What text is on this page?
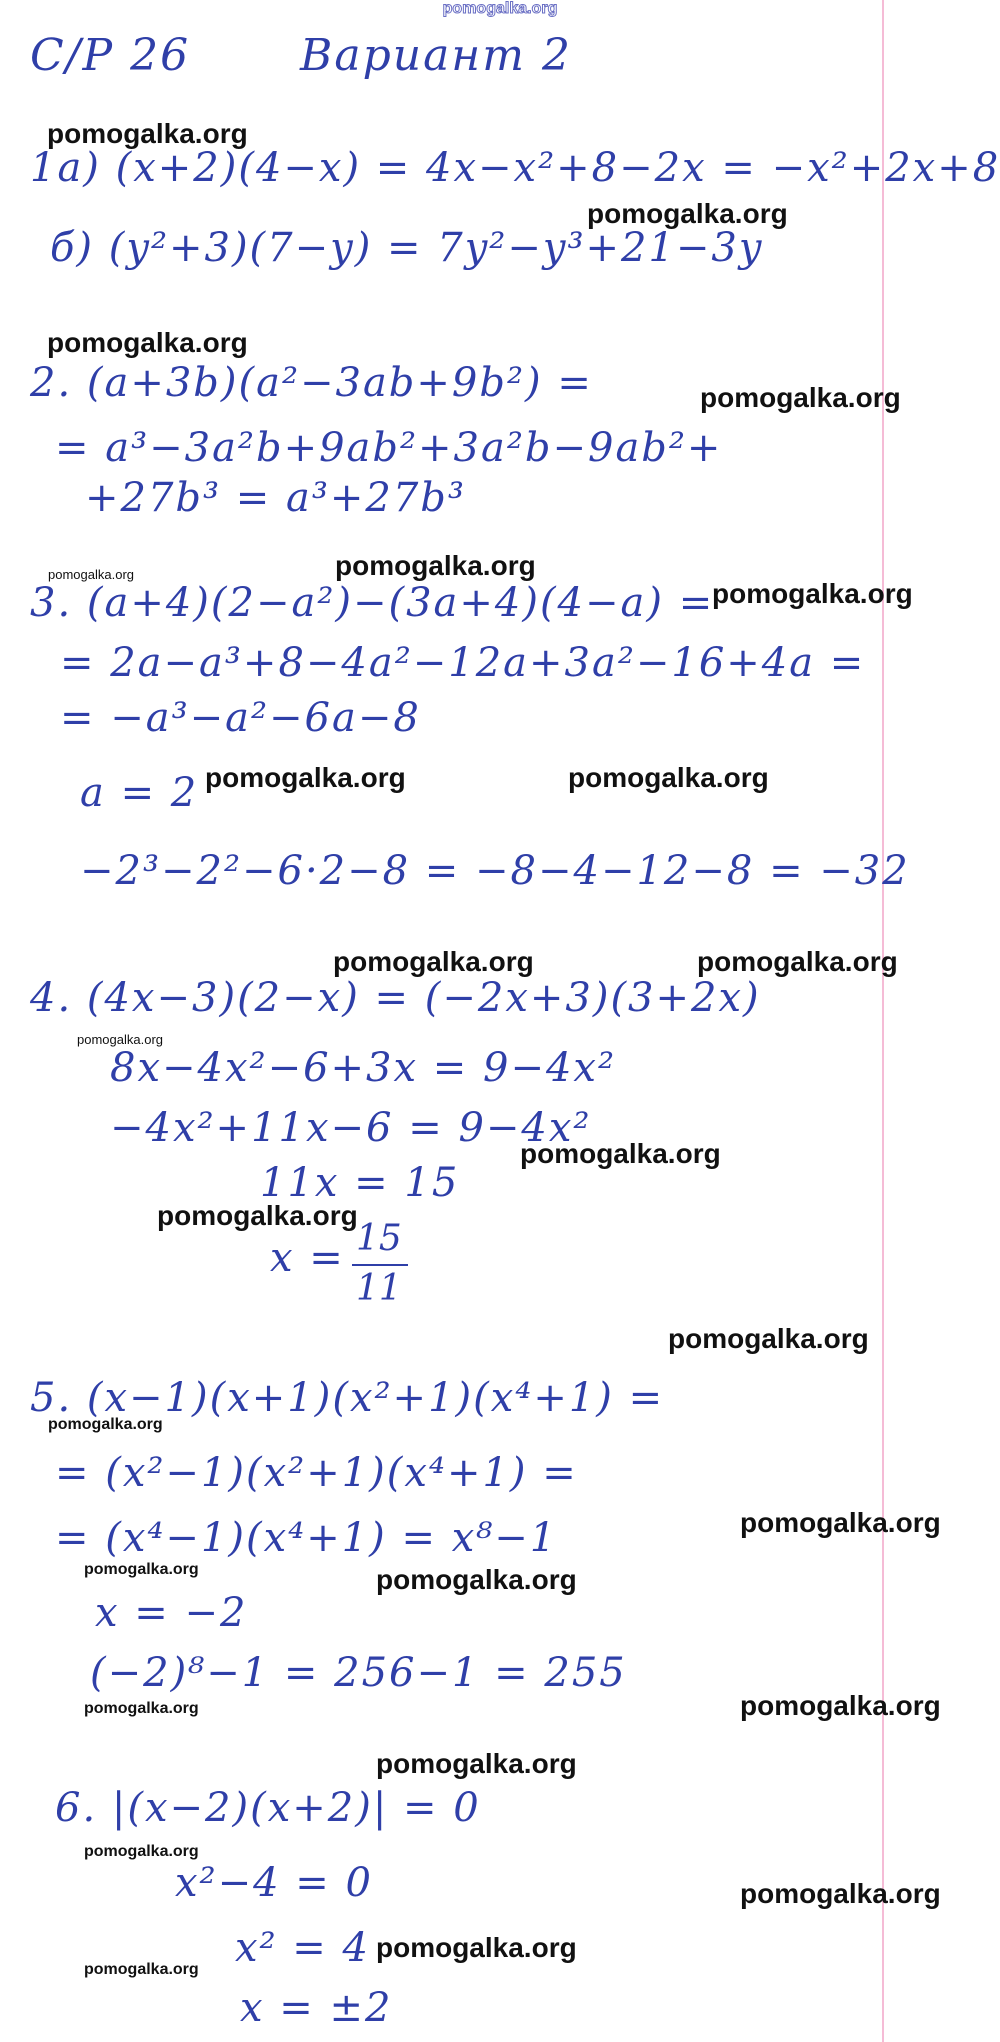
pomogalka.org
С/Р 26 Вариант 2
1а) (x+2)(4−x) = 4x−x²+8−2x = −x²+2x+8
б) (y²+3)(7−y) = 7y²−y³+21−3y
2. (a+3b)(a²−3ab+9b²) =
= a³−3a²b+9ab²+3a²b−9ab²+
+27b³ = a³+27b³
3. (a+4)(2−a²)−(3a+4)(4−a) =
= 2a−a³+8−4a²−12a+3a²−16+4a =
= −a³−a²−6a−8
a = 2
−2³−2²−6·2−8 = −8−4−12−8 = −32
4. (4x−3)(2−x) = (−2x+3)(3+2x)
8x−4x²−6+3x = 9−4x²
−4x²+11x−6 = 9−4x²
11x = 15
x = 15
11
5. (x−1)(x+1)(x²+1)(x⁴+1) =
= (x²−1)(x²+1)(x⁴+1) =
= (x⁴−1)(x⁴+1) = x⁸−1
x = −2
(−2)⁸−1 = 256−1 = 255
6. |(x−2)(x+2)| = 0
x²−4 = 0
x² = 4
x = ±2
pomogalka.org
pomogalka.org
pomogalka.org
pomogalka.org
pomogalka.org	pomogalka.org
pomogalka.org
pomogalka.org	pomogalka.org
pomogalka.org	pomogalka.org
pomogalka.org
pomogalka.org
pomogalka.org
pomogalka.org
pomogalka.org
pomogalka.org
pomogalka.org	pomogalka.org
pomogalka.org	pomogalka.org
pomogalka.org
pomogalka.org
pomogalka.org
pomogalka.org
pomogalka.org
